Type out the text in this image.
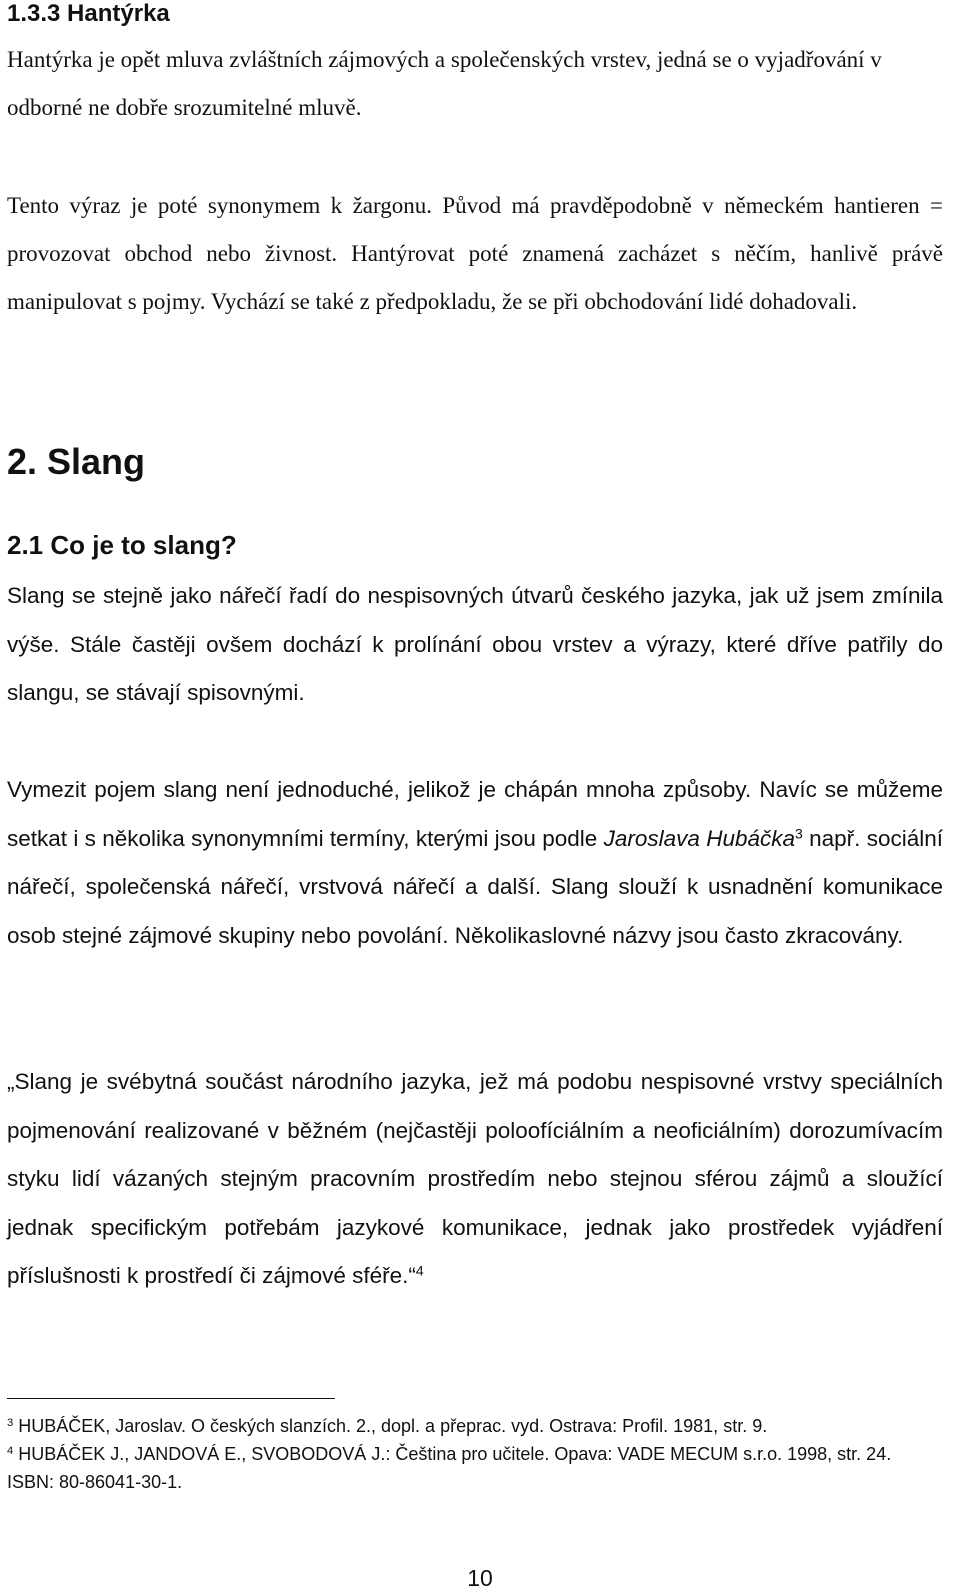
1.3.3 Hantýrka

Hantýrka je opět mluva zvláštních zájmových a společenských vrstev, jedná se o vyjadřování v odborné ne dobře srozumitelné mluvě.

Tento výraz je poté synonymem k žargonu. Původ má pravděpodobně v německém hantieren = provozovat obchod nebo živnost. Hantýrovat poté znamená zacházet s něčím, hanlivě právě manipulovat s pojmy. Vychází se také z předpokladu, že se při obchodování lidé dohadovali.

2. Slang
2.1 Co je to slang?

Slang se stejně jako nářečí řadí do nespisovných útvarů českého jazyka, jak už jsem zmínila výše. Stále častěji ovšem dochází k prolínání obou vrstev a výrazy, které dříve patřily do slangu, se stávají spisovnými.

Vymezit pojem slang není jednoduché, jelikož je chápán mnoha způsoby. Navíc se můžeme setkat i s několika synonymními termíny, kterými jsou podle Jaroslava Hubáčka$^3$ např. sociální nářečí, společenská nářečí, vrstvová nářečí a další. Slang slouží k usnadnění komunikace osob stejné zájmové skupiny nebo povolání. Několikaslovné názvy jsou často zkracovány.

„Slang je svébytná součást národního jazyka, jež má podobu nespisovné vrstvy speciálních pojmenování realizované v běžném (nejčastěji poloofíciálním a neoficiálním) dorozumívacím styku lidí vázaných stejným pracovním prostředím nebo stejnou sférou zájmů a sloužící jednak specifickým potřebám jazykové komunikace, jednak jako prostředek vyjádření příslušnosti k prostředí či zájmové sféře.“$^4$

$^3$ HUBÁČEK, Jaroslav. O českých slanzích. 2., dopl. a přeprac. vyd. Ostrava: Profil. 1981, str. 9.

$^4$ HUBÁČEK J., JANDOVÁ E., SVOBODOVÁ J.: Čeština pro učitele. Opava: VADE MECUM s.r.o. 1998, str. 24. ISBN: 80-86041-30-1.

10
